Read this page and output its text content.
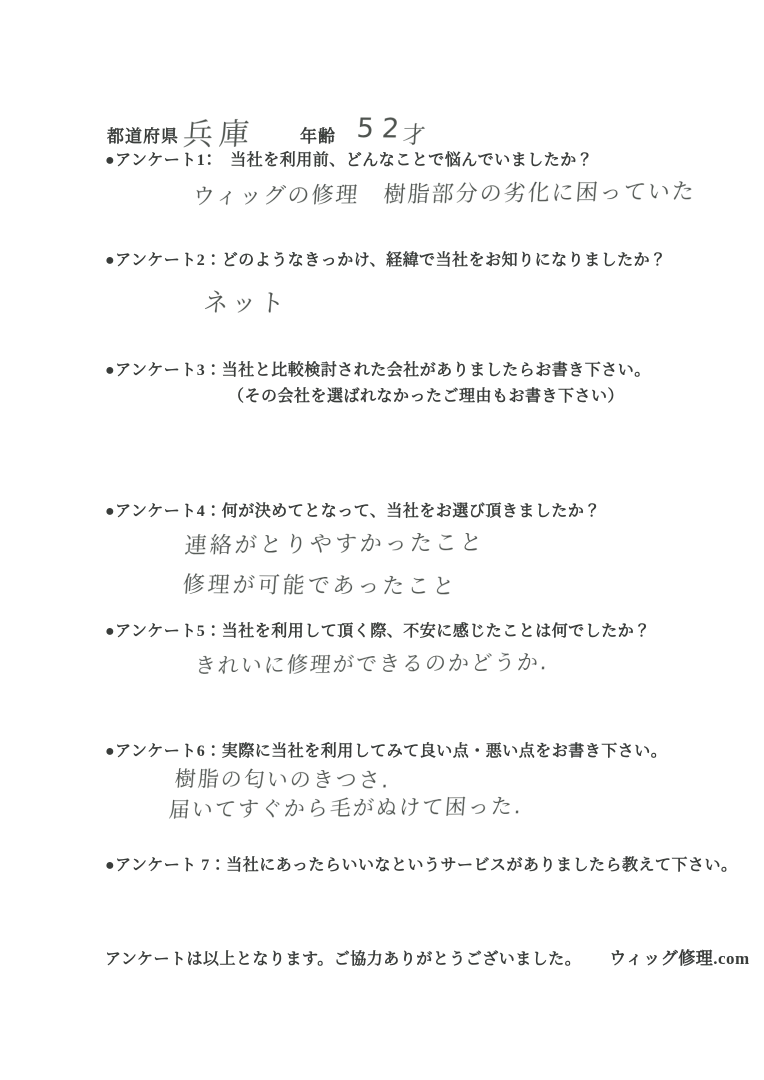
都道府県 兵庫	年齢 52
才
●アンケート1：　当社を利用前、どんなことで悩んでいましたか？
ウィッグの修理　樹脂部分の劣化に困っていた
●アンケート2：どのようなきっかけ、経緯で当社をお知りになりましたか？
ネット
●アンケート3：当社と比較検討された会社がありましたらお書き下さい。
（その会社を選ばれなかったご理由もお書き下さい）
●アンケート4：何が決めてとなって、当社をお選び頂きましたか？
連絡がとりやすかったこと
修理が可能であったこと
●アンケート5：当社を利用して頂く際、不安に感じたことは何でしたか？
きれいに修理ができるのかどうか.
●アンケート6：実際に当社を利用してみて良い点・悪い点をお書き下さい。
樹脂の匂いのきつさ.
届いてすぐから毛がぬけて困った.
●アンケート 7：当社にあったらいいなというサービスがありましたら教えて下さい。
アンケートは以上となります。ご協力ありがとうございました。 ウィッグ修理.com
